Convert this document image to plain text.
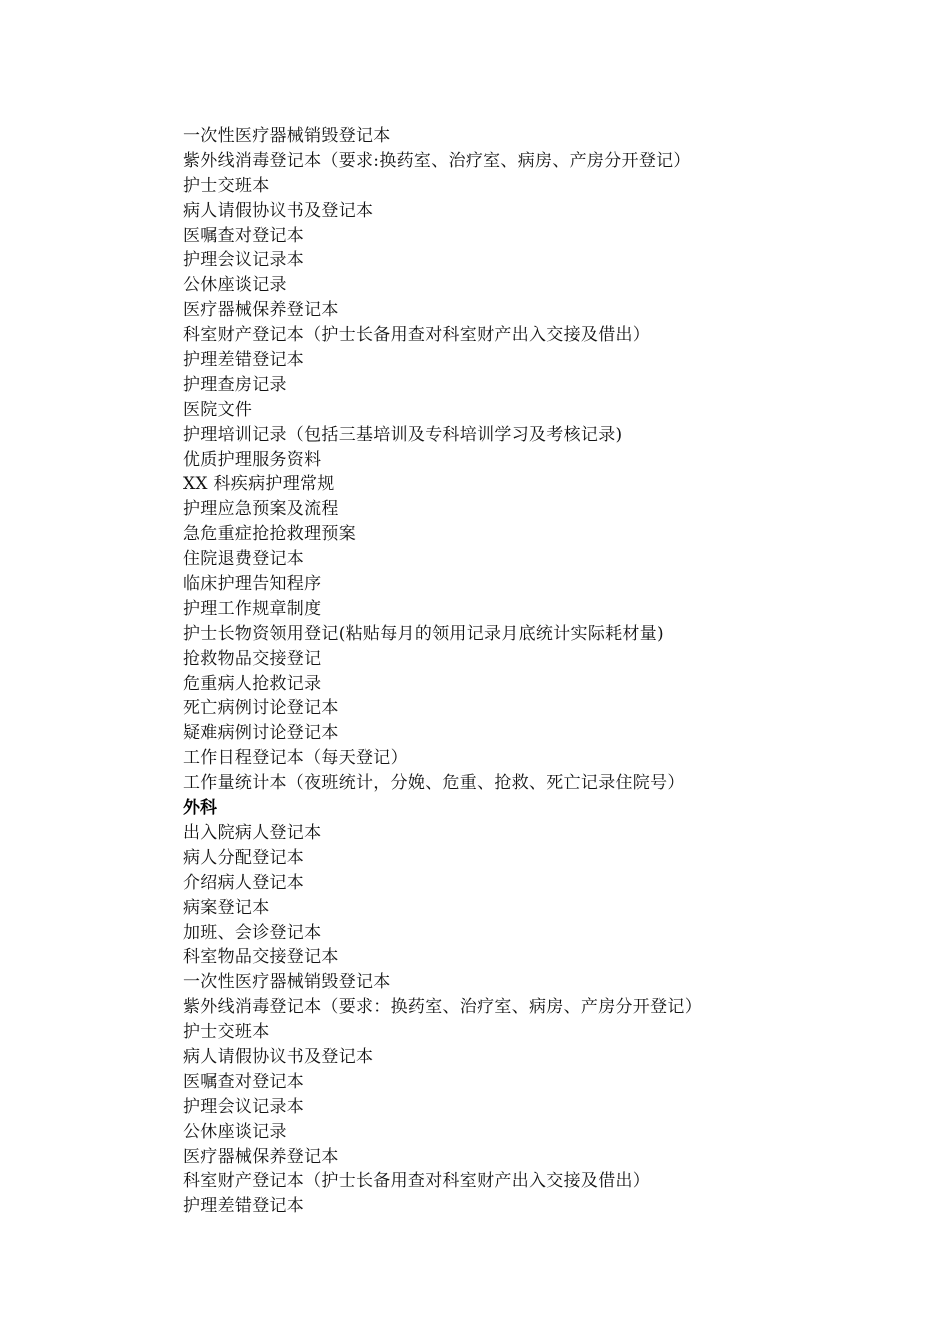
一次性医疗器械销毁登记本
紫外线消毒登记本（要求:换药室、治疗室、病房、产房分开登记）
护士交班本
病人请假协议书及登记本
医嘱查对登记本
护理会议记录本
公休座谈记录
医疗器械保养登记本
科室财产登记本（护士长备用查对科室财产出入交接及借出）
护理差错登记本
护理查房记录
医院文件
护理培训记录（包括三基培训及专科培训学习及考核记录)
优质护理服务资料
XX 科疾病护理常规
护理应急预案及流程
急危重症抢抢救理预案
住院退费登记本
临床护理告知程序
护理工作规章制度
护士长物资领用登记(粘贴每月的领用记录月底统计实际耗材量)
抢救物品交接登记
危重病人抢救记录
死亡病例讨论登记本
疑难病例讨论登记本
工作日程登记本（每天登记）
工作量统计本（夜班统计，分娩、危重、抢救、死亡记录住院号）
外科
出入院病人登记本
病人分配登记本
介绍病人登记本
病案登记本
加班、会诊登记本
科室物品交接登记本
一次性医疗器械销毁登记本
紫外线消毒登记本（要求：换药室、治疗室、病房、产房分开登记）
护士交班本
病人请假协议书及登记本
医嘱查对登记本
护理会议记录本
公休座谈记录
医疗器械保养登记本
科室财产登记本（护士长备用查对科室财产出入交接及借出）
护理差错登记本
